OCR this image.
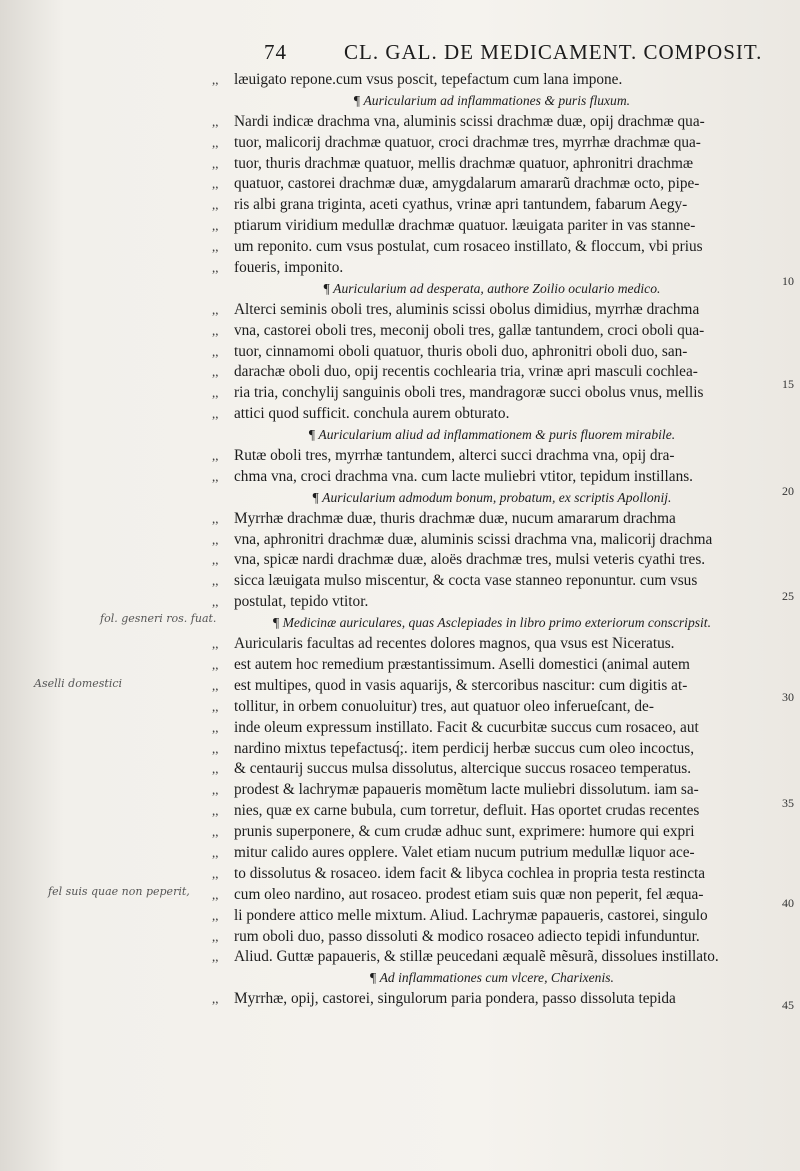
74	CL. GAL. DE MEDICAMENT. COMPOSIT.
fol. gesneri ros. fuat.
Aselli domestici
fel suis quae non peperit,
,, læuigato repone.cum vsus poscit, tepefactum cum lana impone.
¶ Auricularium ad inflammationes & puris fluxum.
,, Nardi indicæ drachma vna, aluminis scissi drachmæ duæ, opij drachmæ qua-
,, tuor, malicorij drachmæ quatuor, croci drachmæ tres, myrrhæ drachmæ qua-
,, tuor, thuris drachmæ quatuor, mellis drachmæ quatuor, aphronitri drachmæ
,, quatuor, castorei drachmæ duæ, amygdalarum amararũ drachmæ octo, pipe-
,, ris albi grana triginta, aceti cyathus, vrinæ apri tantundem, fabarum Aegy-
,, ptiarum viridium medullæ drachmæ quatuor. læuigata pariter in vas stanne-
,, um reponito. cum vsus postulat, cum rosaceo instillato, & floccum, vbi prius
,, foueris, imponito.
¶ Auricularium ad desperata, authore Zoilio oculario medico.
,, Alterci seminis oboli tres, aluminis scissi obolus dimidius, myrrhæ drachma
,, vna, castorei oboli tres, meconij oboli tres, gallæ tantundem, croci oboli qua-
,, tuor, cinnamomi oboli quatuor, thuris oboli duo, aphronitri oboli duo, san-
,, darachæ oboli duo, opij recentis cochlearia tria, vrinæ apri masculi cochlea-
,, ria tria, conchylij sanguinis oboli tres, mandragoræ succi obolus vnus, mellis
,, attici quod sufficit. conchula aurem obturato.
¶ Auricularium aliud ad inflammationem & puris fluorem mirabile.
,, Rutæ oboli tres, myrrhæ tantundem, alterci succi drachma vna, opij dra-
,, chma vna, croci drachma vna. cum lacte muliebri vtitor, tepidum instillans.
¶ Auricularium admodum bonum, probatum, ex scriptis Apollonij.
,, Myrrhæ drachmæ duæ, thuris drachmæ duæ, nucum amararum drachma
,, vna, aphronitri drachmæ duæ, aluminis scissi drachma vna, malicorij drachma
,, vna, spicæ nardi drachmæ duæ, aloës drachmæ tres, mulsi veteris cyathi tres.
,, sicca læuigata mulso miscentur, & cocta vase stanneo reponuntur. cum vsus
,, postulat, tepido vtitor.
¶ Medicinæ auriculares, quas Asclepiades in libro primo exteriorum conscripsit.
,, Auricularis facultas ad recentes dolores magnos, qua vsus est Niceratus.
,, est autem hoc remedium præstantissimum. Aselli domestici (animal autem
,, est multipes, quod in vasis aquarijs, & stercoribus nascitur: cum digitis at-
,, tollitur, in orbem conuoluitur) tres, aut quatuor oleo inferueſcant, de-
,, inde oleum expressum instillato. Facit & cucurbitæ succus cum rosaceo, aut
,, nardino mixtus tepefactusq́;. item perdicij herbæ succus cum oleo incoctus,
,, & centaurij succus mulsa dissolutus, altercique succus rosaceo temperatus.
,, prodest & lachrymæ papaueris momẽtum lacte muliebri dissolutum. iam sa-
,, nies, quæ ex carne bubula, cum torretur, defluit. Has oportet crudas recentes
,, prunis superponere, & cum crudæ adhuc sunt, exprimere: humore qui expri
,, mitur calido aures opplere. Valet etiam nucum putrium medullæ liquor ace-
,, to dissolutus & rosaceo. idem facit & libyca cochlea in propria testa restincta
,, cum oleo nardino, aut rosaceo. prodest etiam suis quæ non peperit, fel æqua-
,, li pondere attico melle mixtum. Aliud. Lachrymæ papaueris, castorei, singulo
,, rum oboli duo, passo dissoluti & modico rosaceo adiecto tepidi infunduntur.
,, Aliud. Guttæ papaueris, & stillæ peucedani æqualẽ mẽsurã, dissolues instillato.
¶ Ad inflammationes cum vlcere, Charixenis.
,, Myrrhæ, opij, castorei, singulorum paria pondera, passo dissoluta tepida
10
15
20
25
30
35
40
45
